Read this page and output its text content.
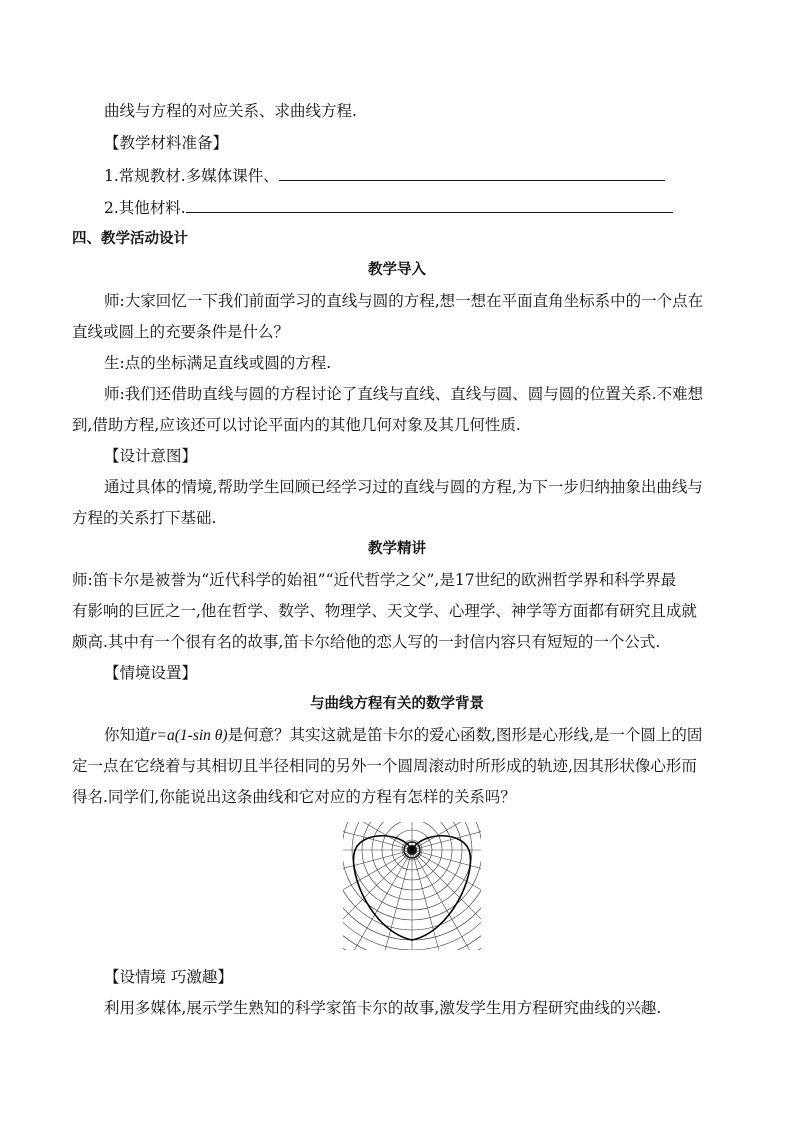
曲线与方程的对应关系、求曲线方程.
【教学材料准备】
1.常规教材.多媒体课件、
2.其他材料.
四、教学活动设计
教学导入
师:大家回忆一下我们前面学习的直线与圆的方程,想一想在平面直角坐标系中的一个点在
直线或圆上的充要条件是什么？
生:点的坐标满足直线或圆的方程.
师:我们还借助直线与圆的方程讨论了直线与直线、直线与圆、圆与圆的位置关系.不难想
到,借助方程,应该还可以讨论平面内的其他几何对象及其几何性质.
【设计意图】
通过具体的情境,帮助学生回顾已经学习过的直线与圆的方程,为下一步归纳抽象出曲线与
方程的关系打下基础.
教学精讲
师:笛卡尔是被誉为“近代科学的始祖”“近代哲学之父”,是17世纪的欧洲哲学界和科学界最
有影响的巨匠之一,他在哲学、数学、物理学、天文学、心理学、神学等方面都有研究且成就
颇高.其中有一个很有名的故事,笛卡尔给他的恋人写的一封信内容只有短短的一个公式.
【情境设置】
与曲线方程有关的数学背景
你知道r=a(1-sin θ)是何意？其实这就是笛卡尔的爱心函数,图形是心形线,是一个圆上的固
定一点在它绕着与其相切且半径相同的另外一个圆周滚动时所形成的轨迹,因其形状像心形而
得名.同学们,你能说出这条曲线和它对应的方程有怎样的关系吗？
【设情境 巧激趣】
利用多媒体,展示学生熟知的科学家笛卡尔的故事,激发学生用方程研究曲线的兴趣.
